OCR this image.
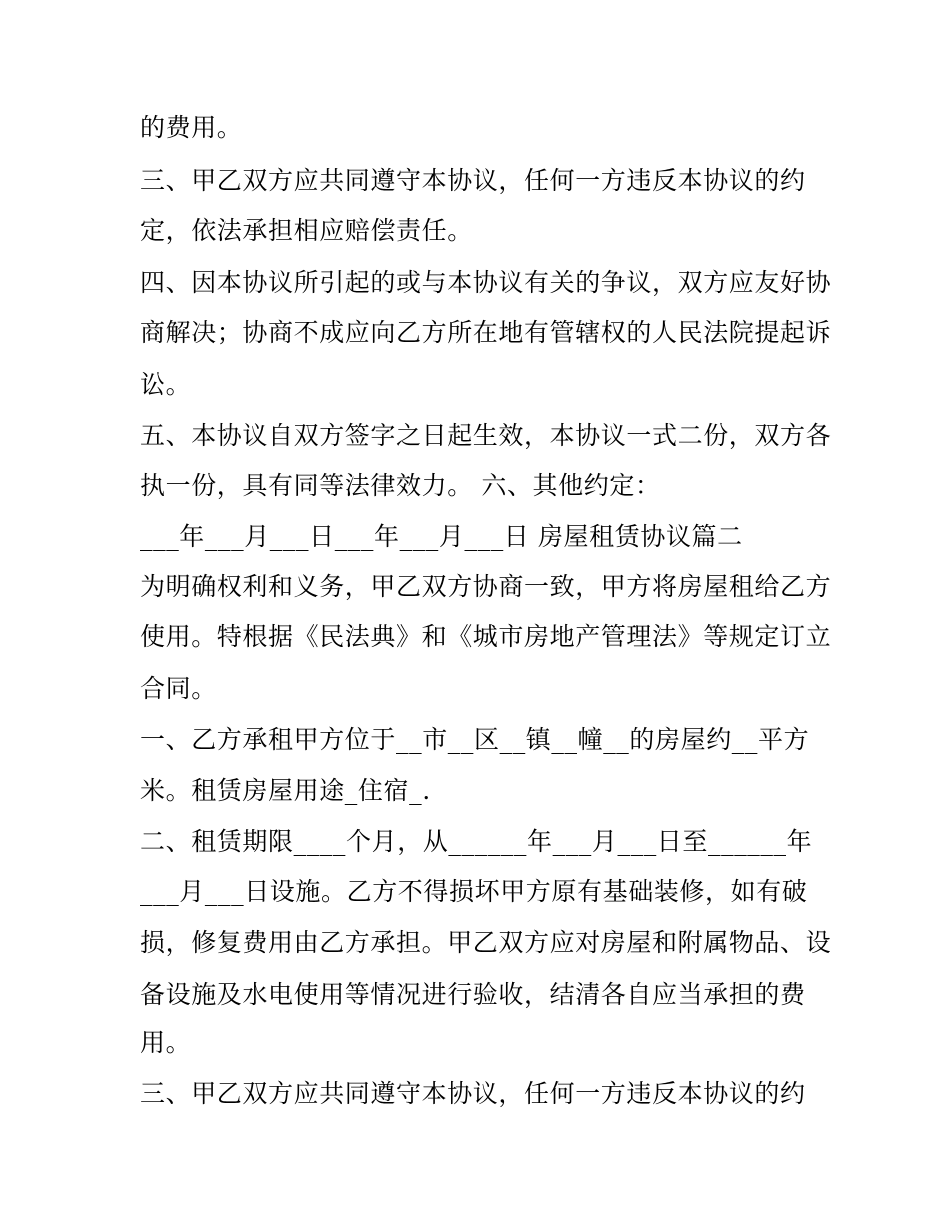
的费用。
三、甲乙双方应共同遵守本协议，任何一方违反本协议的约
定，依法承担相应赔偿责任。
四、因本协议所引起的或与本协议有关的争议，双方应友好协
商解决；协商不成应向乙方所在地有管辖权的人民法院提起诉
讼。
五、本协议自双方签字之日起生效，本协议一式二份，双方各
执一份，具有同等法律效力。 六、其他约定：
___年___月___日___年___月___日 房屋租赁协议篇二
为明确权利和义务，甲乙双方协商一致，甲方将房屋租给乙方
使用。特根据《民法典》和《城市房地产管理法》等规定订立
合同。
一、乙方承租甲方位于__市__区__镇__幢__的房屋约__平方
米。租赁房屋用途_住宿_.
二、租赁期限____个月，从______年___月___日至______年
___月___日设施。乙方不得损坏甲方原有基础装修，如有破
损，修复费用由乙方承担。甲乙双方应对房屋和附属物品、设
备设施及水电使用等情况进行验收，结清各自应当承担的费
用。
三、甲乙双方应共同遵守本协议，任何一方违反本协议的约
